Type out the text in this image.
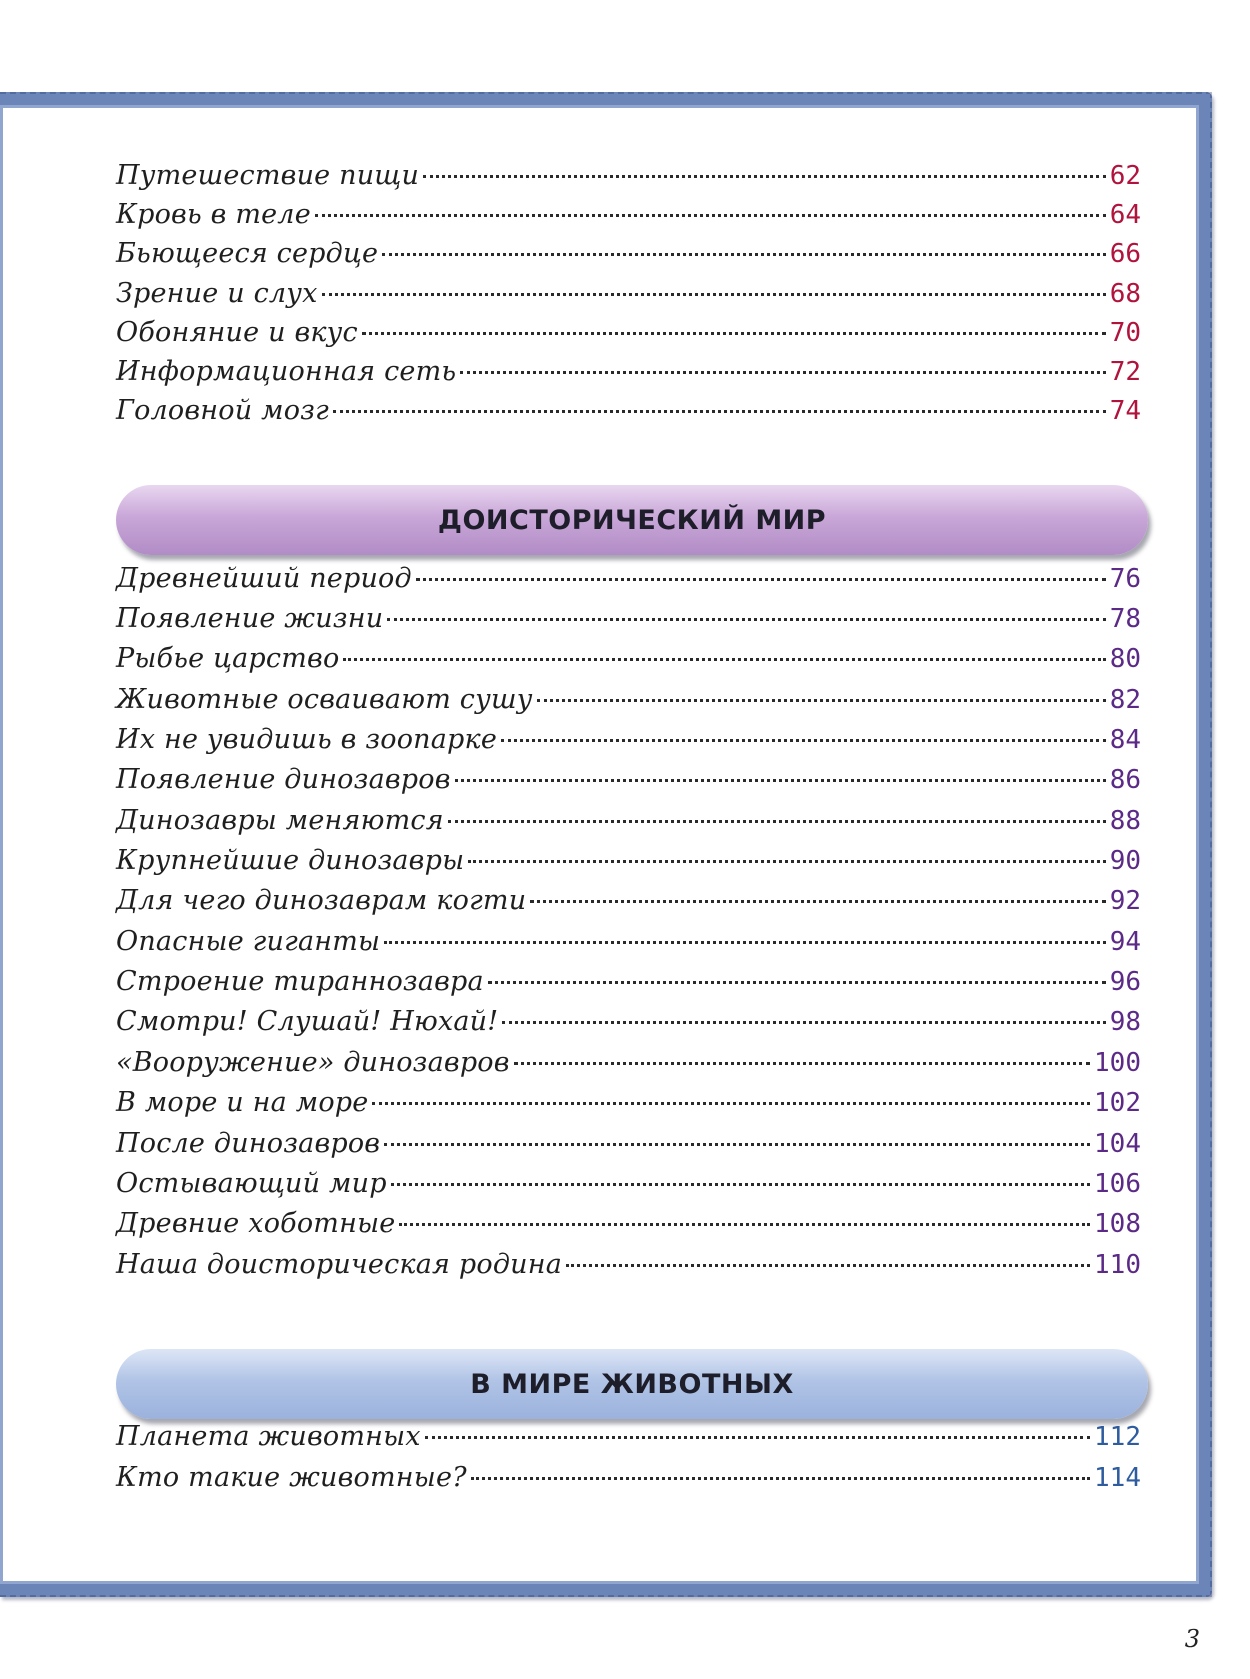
Путешествие пищи	62
Кровь в теле	64
Бьющееся сердце	66
Зрение и слух	68
Обоняние и вкус	70
Информационная сеть	72
Головной мозг	74
Древнейший период	76
Появление жизни	78
Рыбье царство	80
Животные осваивают сушу	82
Их не увидишь в зоопарке	84
Появление динозавров	86
Динозавры меняются	88
Крупнейшие динозавры	90
Для чего динозаврам когти	92
Опасные гиганты	94
Строение тираннозавра	96
Смотри! Слушай! Нюхай!	98
«Вооружение» динозавров	100
В море и на море	102
После динозавров	104
Остывающий мир	106
Древние хоботные	108
Наша доисторическая родина	110
Планета животных	112
Кто такие животные?	114
ДОИСТОРИЧЕСКИЙ МИР
В МИРЕ ЖИВОТНЫХ
3
